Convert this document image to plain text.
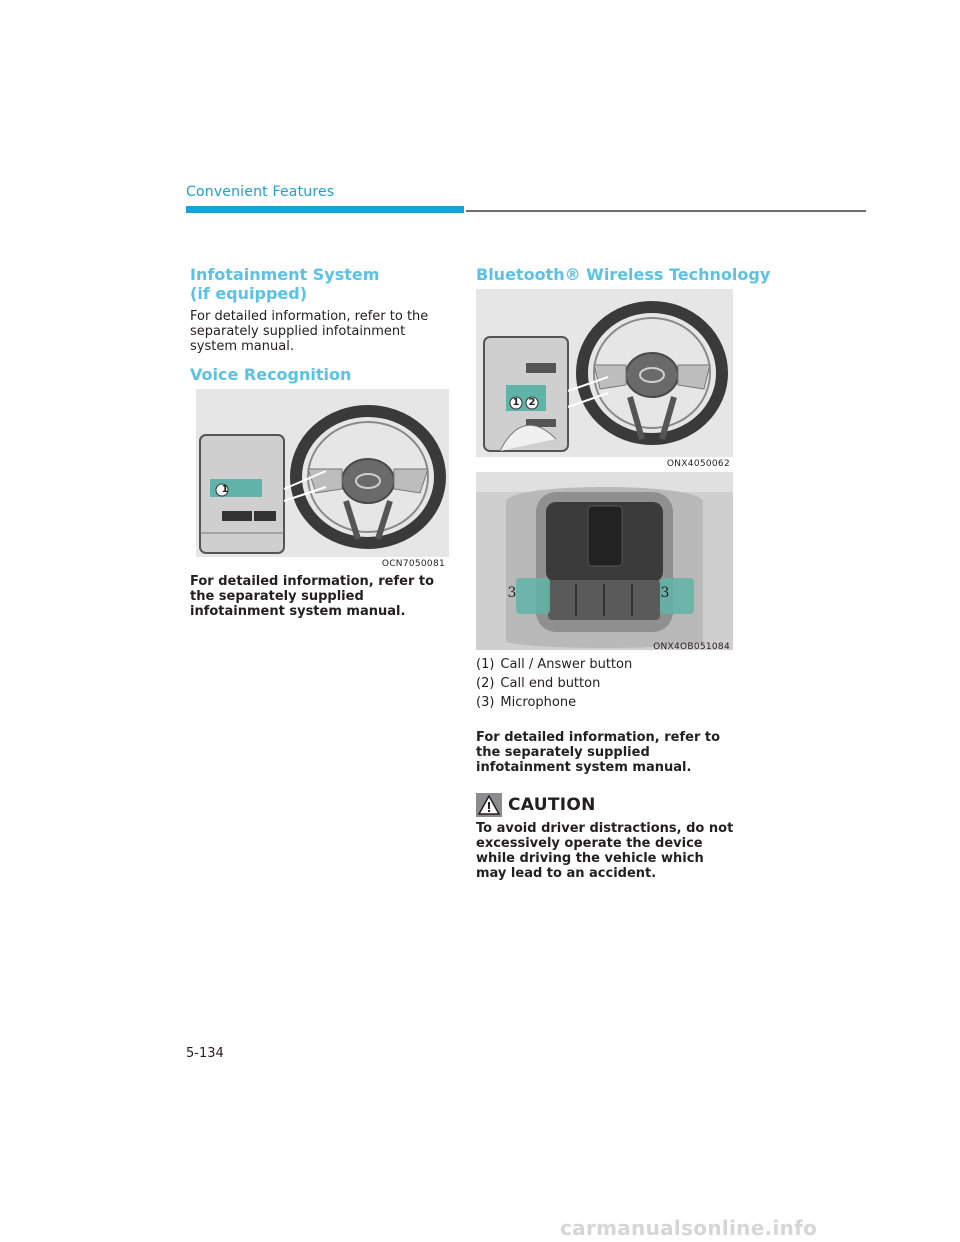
Convenient Features
Infotainment System
(if equipped)

For detailed information, refer to the separately supplied infotainment system manual.

Voice Recognition
1
OCN7050081

For detailed information, refer to the separately supplied infotainment system manual.

Bluetooth® Wireless Technology
1 2
ONX4050062
3	3
ONX4OB051084
(1) Call / Answer button
(2) Call end button
(3) Microphone

For detailed information, refer to the separately supplied infotainment system manual.

CAUTION

To avoid driver distractions, do not excessively operate the device while driving the vehicle which may lead to an accident.

5-134
carmanualsonline.info
